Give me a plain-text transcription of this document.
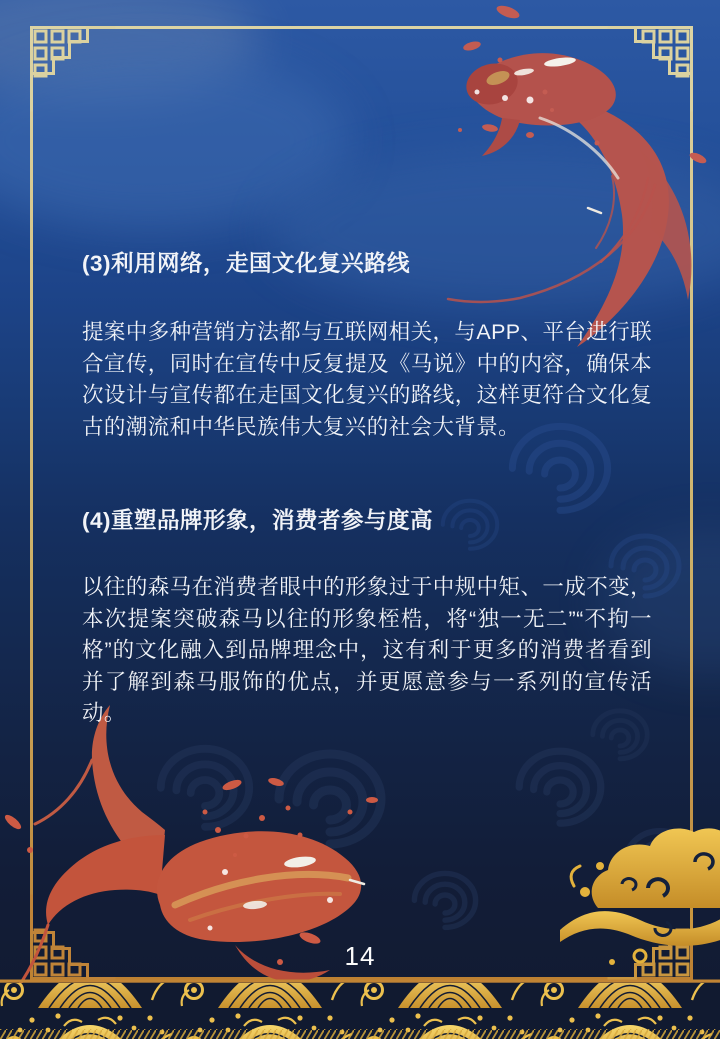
(3)利用网络，走国文化复兴路线

提案中多种营销方法都与互联网相关，与APP、平台进行联合宣传，同时在宣传中反复提及《马说》中的内容，确保本次设计与宣传都在走国文化复兴的路线，这样更符合文化复古的潮流和中华民族伟大复兴的社会大背景。

(4)重塑品牌形象，消费者参与度高

以往的森马在消费者眼中的形象过于中规中矩、一成不变，本次提案突破森马以往的形象桎梏，将“独一无二”“不拘一格”的文化融入到品牌理念中，这有利于更多的消费者看到并了解到森马服饰的优点，并更愿意参与一系列的宣传活动。

14
